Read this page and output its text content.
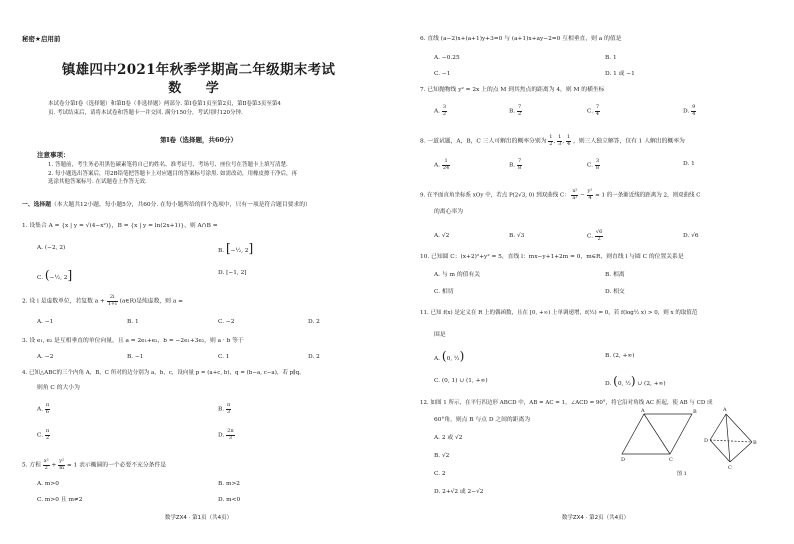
秘密★启用前
镇雄四中2021年秋季学期高二年级期末考试
数 学

本试卷分第Ⅰ卷（选择题）和第Ⅱ卷（非选择题）两部分. 第Ⅰ卷第1页至第2页，第Ⅱ卷第3页至第4

页. 考试结束后，请将本试卷和答题卡一并交回. 满分150分，考试用时120分钟.

第Ⅰ卷（选择题，共60分）
注意事项：

1. 答题前，考生务必用黑色碳素笔将自己的姓名、准考证号、考场号、座位号在答题卡上填写清楚.

2. 每小题选出答案后，用2B铅笔把答题卡上对应题目的答案标号涂黑. 如需改动，用橡皮擦干净后，再

选涂其他答案标号. 在试题卷上作答无效.

一、选择题（本大题共12小题，每小题5分，共60分. 在每小题所给的四个选项中，只有一项是符合题目要求的）
1. 设集合 A = {x | y = √(4−x²)}，B = {x | y = ln(2x+1)}，则 A∩B =
A. (−2, 2)	B. [−½, 2]
C. (−½, 2]	D. [−1, 2]
2. 设 i 是虚数单位，若复数 $a + \frac{2i}{1+i}$ (a∈R)是纯虚数，则 a =
A. −1	B. 1	C. −2	D. 2
3. 设 e₁, e₂ 是互相垂直的单位向量，且 a = 2e₁+e₂，b = −2e₁+3e₂，则 a · b 等于
A. −2	B. −1	C. 1	D. 2
4. 已知△ABC的三个内角 A，B，C 所对的边分别为 a，b，c，设向量 p = (a+c, b)，q = (b−a, c−a)，若 p∥q，
则角 C 的大小为
A. $\frac{\pi}{6}$	B. $\frac{\pi}{3}$
C. $\frac{\pi}{2}$	D. $\frac{2\pi}{3}$
5. 方程 $\frac{\text{x²}}{2} + \frac{\text{y²}}{m} = 1$ 表示椭圆的一个必要不充分条件是
A. m>0	B. m>2
C. m>0 且 m≠2	D. m<0
数学ZX4 · 第1页（共4页）
6. 直线 (a−2)x+(a+1)y+3=0 与 (a+1)x+ay−2=0 互相垂直，则 a 的值是
A. −0.25	B. 1
C. −1	D. 1 或 −1
7. 已知抛物线 y² = 2x 上的点 M 到其焦点的距离为 4，则 M 的横坐标
A. $\frac{3}{2}$	B. $\frac{7}{2}$	C. $\frac{7}{4}$	D. $\frac{9}{4}$
8. 一道试题，A，B，C 三人可解出的概率分别为 $\frac{1}{2}$ , $\frac{1}{3}$ , $\frac{1}{4}$ ，则三人独立解答，仅有 1 人解出的概率为
A. $\frac{1}{24}$	B. $\frac{7}{8}$	C. $\frac{3}{8}$	D. 1
9. 在平面直角坐标系 xOy 中，若点 P(2√3, 0) 到双曲线 C： $\frac{\text{x²}}{\text{a²}} - \frac{\text{y²}}{4} = 1$ 的一条渐近线的距离为 2，则双曲线 C
的离心率为
A. √2	B. √3	C. $\frac{√6}{2}$	D. √6
10. 已知圆 C：(x+2)²+y² = 5，直线 l：mx−y+1+2m = 0，m∈R，则直线 l 与圆 C 的位置关系是
A. 与 m 的值有关	B. 相离
C. 相切	D. 相交
11. 已知 f(x) 是定义在 R 上的偶函数，且在 [0, +∞) 上单调递增，f(½) = 0，若 f(log½ x) > 0，则 x 的取值范
围是
A. (0, ½)	B. (2, +∞)
C. (0, 1) ∪ (1, +∞)	D. (0, ½) ∪ (2, +∞)
12. 如图 1 所示，在平行四边形 ABCD 中，AB = AC = 1，∠ACD = 90°，将它沿对角线 AC 折起，使 AB 与 CD 成
60°角，则点 B 与点 D 之间的距离为
A. 2 或 √2
B. √2
C. 2
D. 2+√2 或 2−√2
A	B
C
D
A
B
C
D
图 1
数学ZX4 · 第2页（共4页）
